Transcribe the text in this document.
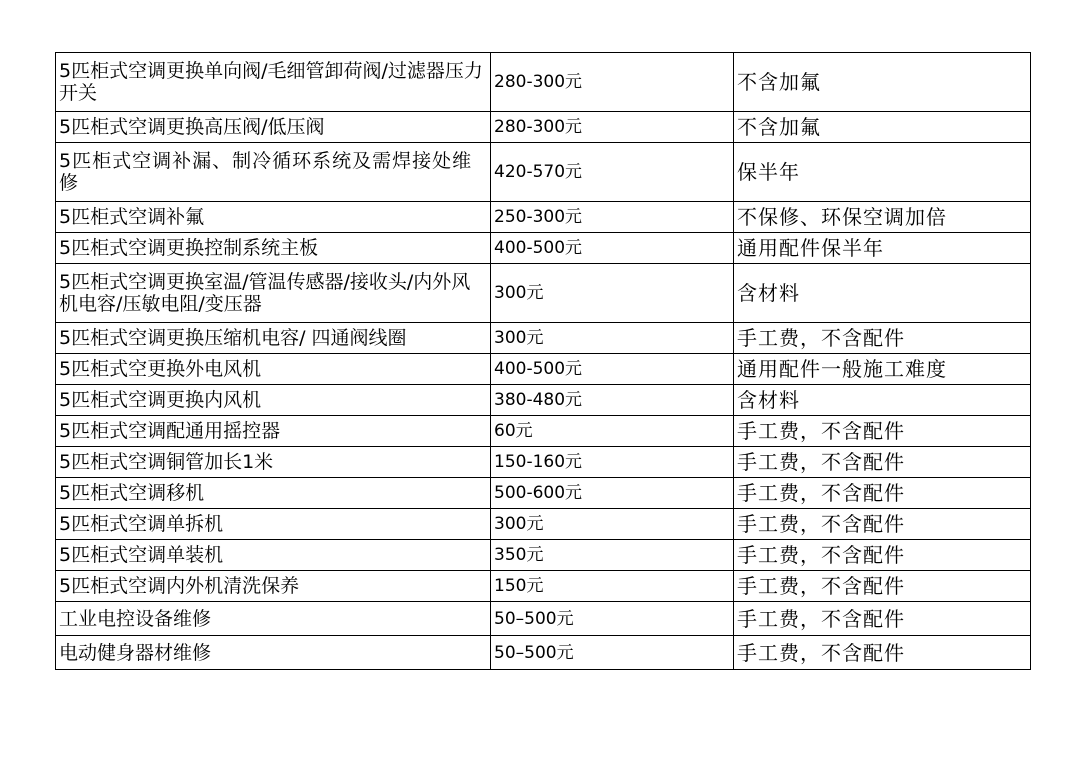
5匹柜式空调更换单向阀/毛细管卸荷阀/过滤器压力开关	280-300元	不含加氟
5匹柜式空调更换高压阀/低压阀	280-300元	不含加氟
5匹柜式空调补漏、制冷循环系统及需焊接处维修	420-570元	保半年
5匹柜式空调补氟	250-300元	不保修、环保空调加倍
5匹柜式空调更换控制系统主板	400-500元	通用配件保半年
5匹柜式空调更换室温/管温传感器/接收头/内外风机电容/压敏电阻/变压器	300元	含材料
5匹柜式空调更换压缩机电容/ 四通阀线圈	300元	手工费，不含配件
5匹柜式空更换外电风机	400-500元	通用配件一般施工难度
5匹柜式空调更换内风机	380-480元	含材料
5匹柜式空调配通用摇控器	60元	手工费，不含配件
5匹柜式空调铜管加长1米	150-160元	手工费，不含配件
5匹柜式空调移机	500-600元	手工费，不含配件
5匹柜式空调单拆机	300元	手工费，不含配件
5匹柜式空调单装机	350元	手工费，不含配件
5匹柜式空调内外机清洗保养	150元	手工费，不含配件
工业电控设备维修	50–500元	手工费，不含配件
电动健身器材维修	50–500元	手工费，不含配件
